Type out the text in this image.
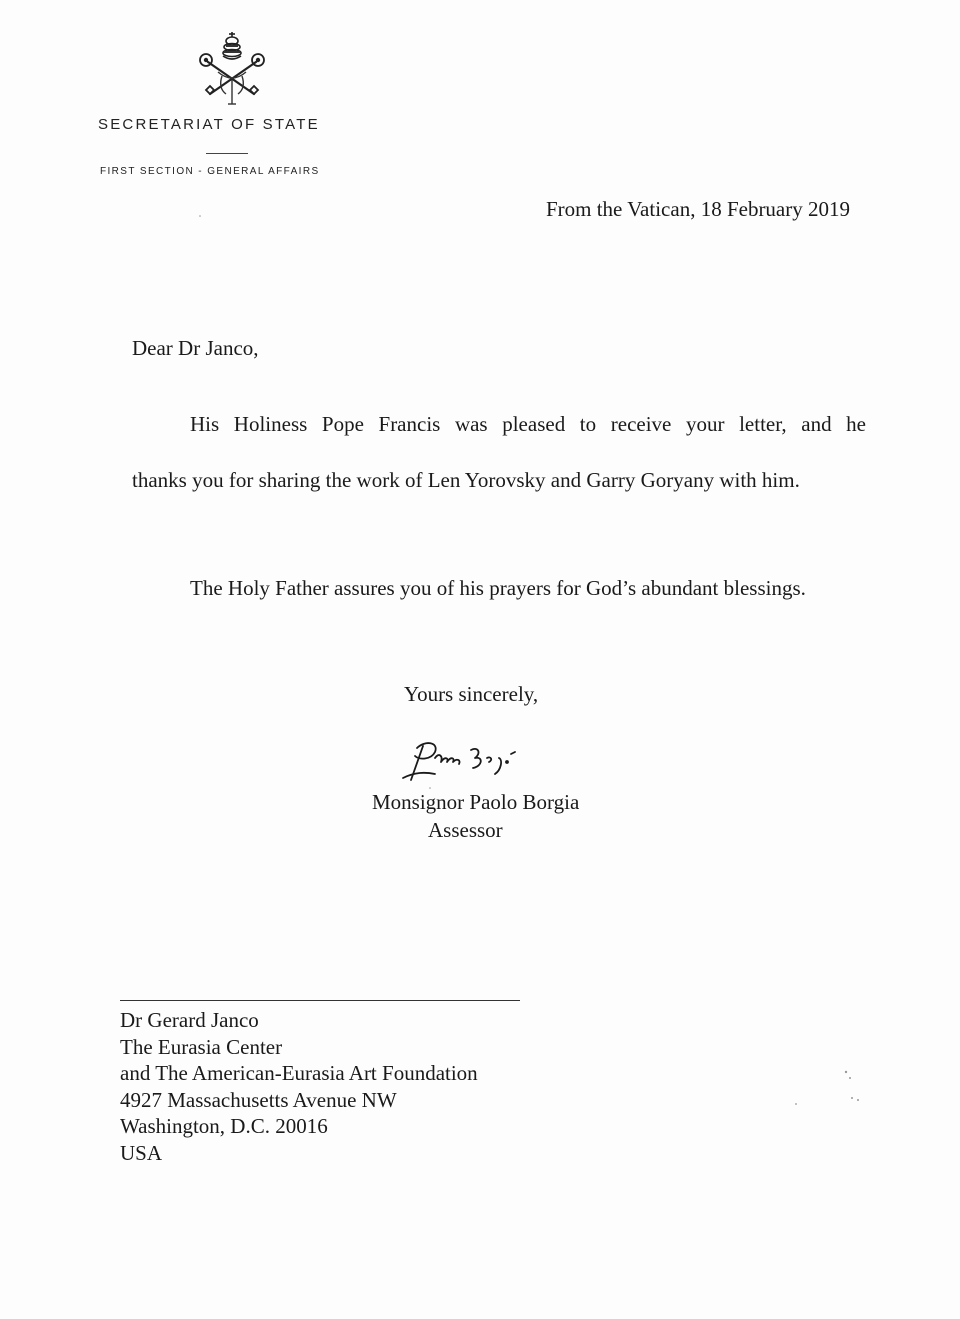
SECRETARIAT OF STATE
FIRST SECTION - GENERAL AFFAIRS
From the Vatican, 18 February 2019
Dear Dr Janco,
His Holiness Pope Francis was pleased to receive your letter, and he
thanks you for sharing the work of Len Yorovsky and Garry Goryany with him.
The Holy Father assures you of his prayers for God’s abundant blessings.
Yours sincerely,
Monsignor Paolo Borgia
Assessor
Dr Gerard Janco
The Eurasia Center
and The American-Eurasia Art Foundation
4927 Massachusetts Avenue NW
Washington, D.C. 20016
USA
